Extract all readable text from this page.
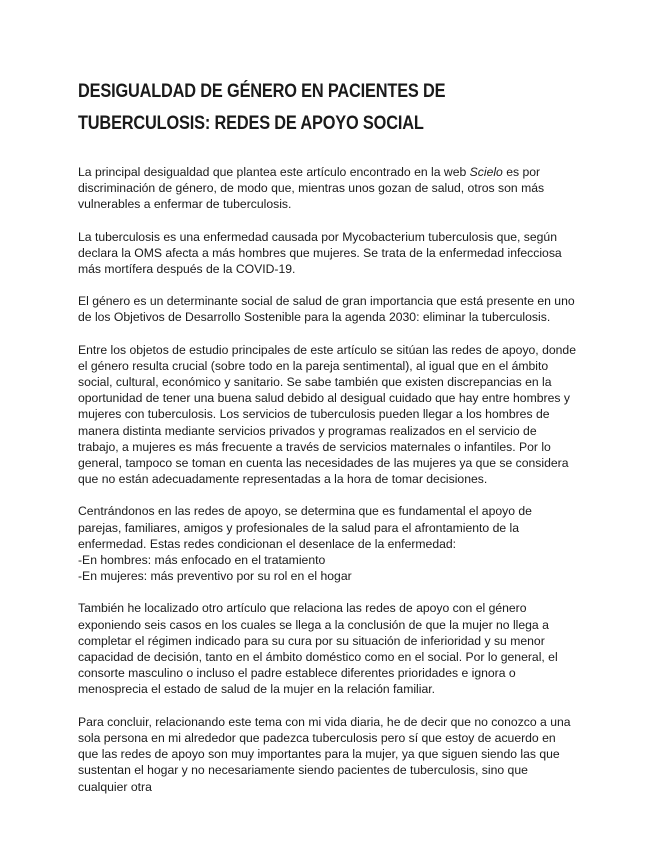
DESIGUALDAD DE GÉNERO EN PACIENTES DE TUBERCULOSIS: REDES DE APOYO SOCIAL

La principal desigualdad que plantea este artículo encontrado en la web Scielo es por discriminación de género, de modo que, mientras unos gozan de salud, otros son más vulnerables a enfermar de tuberculosis.

La tuberculosis es una enfermedad causada por Mycobacterium tuberculosis que, según declara la OMS afecta a más hombres que mujeres. Se trata de la enfermedad infecciosa más mortífera después de la COVID-19.

El género es un determinante social de salud de gran importancia que está presente en uno de los Objetivos de Desarrollo Sostenible para la agenda 2030: eliminar la tuberculosis.

Entre los objetos de estudio principales de este artículo se sitúan las redes de apoyo, donde el género resulta crucial (sobre todo en la pareja sentimental), al igual que en el ámbito social, cultural, económico y sanitario. Se sabe también que existen discrepancias en la oportunidad de tener una buena salud debido al desigual cuidado que hay entre hombres y mujeres con tuberculosis. Los servicios de tuberculosis pueden llegar a los hombres de manera distinta mediante servicios privados y programas realizados en el servicio de trabajo, a mujeres es más frecuente a través de servicios maternales o infantiles. Por lo general, tampoco se toman en cuenta las necesidades de las mujeres ya que se considera que no están adecuadamente representadas a la hora de tomar decisiones.

Centrándonos en las redes de apoyo, se determina que es fundamental el apoyo de parejas, familiares, amigos y profesionales de la salud para el afrontamiento de la enfermedad. Estas redes condicionan el desenlace de la enfermedad:
-En hombres: más enfocado en el tratamiento
-En mujeres: más preventivo por su rol en el hogar

También he localizado otro artículo que relaciona las redes de apoyo con el género exponiendo seis casos en los cuales se llega a la conclusión de que la mujer no llega a completar el régimen indicado para su cura por su situación de inferioridad y su menor capacidad de decisión, tanto en el ámbito doméstico como en el social. Por lo general, el consorte masculino o incluso el padre establece diferentes prioridades e ignora o menosprecia el estado de salud de la mujer en la relación familiar.

Para concluir, relacionando este tema con mi vida diaria, he de decir que no conozco a una sola persona en mi alrededor que padezca tuberculosis pero sí que estoy de acuerdo en que las redes de apoyo son muy importantes para la mujer, ya que siguen siendo las que sustentan el hogar y no necesariamente siendo pacientes de tuberculosis, sino que cualquier otra
